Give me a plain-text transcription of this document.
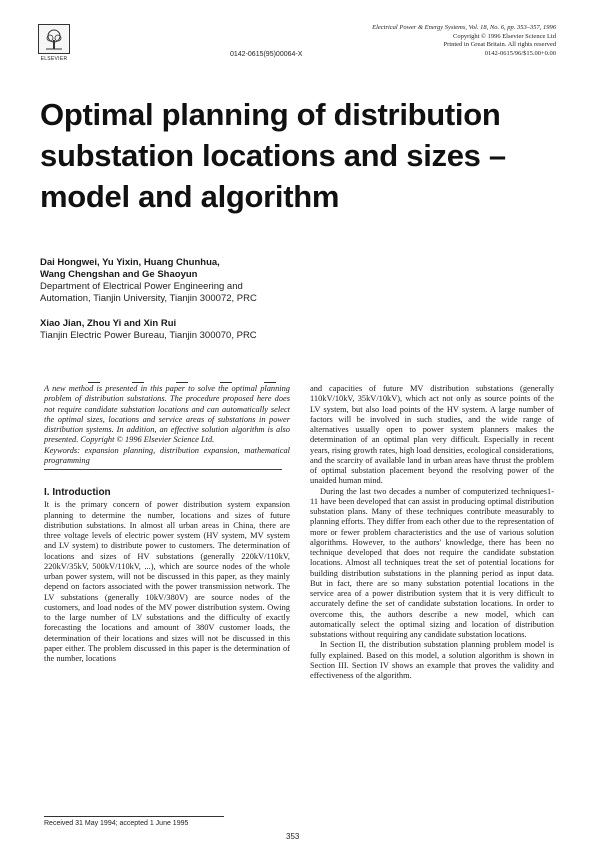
ELSEVIER
0142-0615(95)00064-X
Electrical Power & Energy Systems, Vol. 18, No. 6, pp. 353–357, 1996
Copyright © 1996 Elsevier Science Ltd
Printed in Great Britain. All rights reserved
0142-0615/96/$15.00+0.00
Optimal planning of distribution
substation locations and sizes –
model and algorithm
Dai Hongwei, Yu Yixin, Huang Chunhua,
Wang Chengshan and Ge Shaoyun
Department of Electrical Power Engineering and
Automation, Tianjin University, Tianjin 300072, PRC
Xiao Jian, Zhou Yi and Xin Rui
Tianjin Electric Power Bureau, Tianjin 300070, PRC

A new method is presented in this paper to solve the optimal planning problem of distribution substations. The procedure proposed here does not require candidate substation locations and can automatically select the optimal sizes, locations and service areas of substations in power distribution systems. In addition, an effective solution algorithm is also presented. Copyright © 1996 Elsevier Science Ltd.

Keywords: expansion planning, distribution expansion, mathematical programming

I. Introduction

It is the primary concern of power distribution system expansion planning to determine the number, locations and sizes of future distribution substations. In almost all urban areas in China, there are three voltage levels of electric power system (HV system, MV system and LV system) to distribute power to customers. The determination of locations and sizes of HV substations (generally 220kV/110kV, 220kV/35kV, 500kV/110kV, ...), which are source nodes of the whole urban power system, will not be discussed in this paper, as they mainly depend on factors associated with the power transmission network. The LV substations (generally 10kV/380V) are source nodes of the customers, and load nodes of the MV power distribution system. Owing to the large number of LV substations and the difficulty of exactly forecasting the locations and amount of 380V customer loads, the determination of their locations and sizes will not be discussed in this paper either. The problem discussed in this paper is the determination of the number, locations

and capacities of future MV distribution substations (generally 110kV/10kV, 35kV/10kV), which act not only as source points of the LV system, but also load points of the HV system. A large number of factors will be involved in such studies, and the wide range of alternatives usually open to power system planners makes the determination of an optimal plan very difficult. Especially in recent years, rising growth rates, high load densities, ecological considerations, and the scarcity of available land in urban areas have thrust the problem of optimal substation placement beyond the resolving power of the unaided human mind.

During the last two decades a number of computerized techniques1-11 have been developed that can assist in producing optimal distribution substation plans. Many of these techniques contribute measurably to planning efforts. They differ from each other due to the representation of more or fewer problem characteristics and the use of various solution algorithms. However, to the authors' knowledge, there has been no technique developed that does not require the candidate substation locations. Almost all techniques treat the set of potential locations for building distribution substations in the planning period as input data. But in fact, there are so many substation potential locations in the service area of a power distribution system that it is very difficult to accurately define the set of candidate substation locations. In order to overcome this, the authors describe a new model, which can automatically select the optimal sizing and location of distribution substations without requiring any candidate substation locations.

In Section II, the distribution substation planning problem model is fully explained. Based on this model, a solution algorithm is shown in Section III. Section IV shows an example that proves the validity and effectiveness of the algorithm.

Received 31 May 1994; accepted 1 June 1995
353
